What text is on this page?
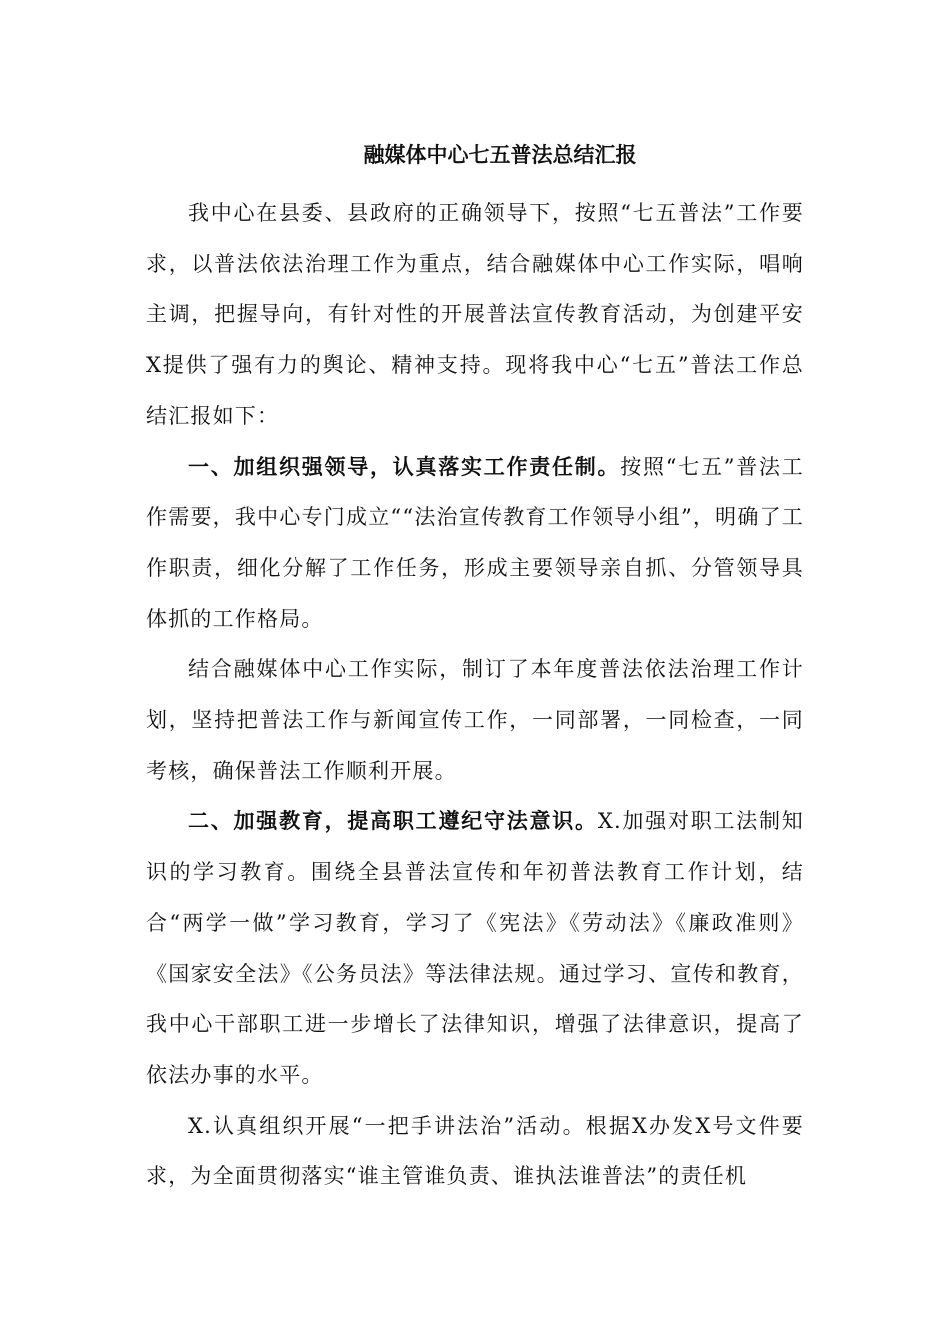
融媒体中心七五普法总结汇报

我中心在县委、县政府的正确领导下，按照“七五普法”工作要求，以普法依法治理工作为重点，结合融媒体中心工作实际，唱响主调，把握导向，有针对性的开展普法宣传教育活动，为创建平安X提供了强有力的舆论、精神支持。现将我中心“七五”普法工作总结汇报如下：

一、加组织强领导，认真落实工作责任制。按照“七五”普法工作需要，我中心专门成立““法治宣传教育工作领导小组”，明确了工作职责，细化分解了工作任务，形成主要领导亲自抓、分管领导具体抓的工作格局。

结合融媒体中心工作实际，制订了本年度普法依法治理工作计划，坚持把普法工作与新闻宣传工作，一同部署，一同检查，一同考核，确保普法工作顺利开展。

二、加强教育，提高职工遵纪守法意识。X.加强对职工法制知识的学习教育。围绕全县普法宣传和年初普法教育工作计划，结合“两学一做”学习教育，学习了《宪法》《劳动法》《廉政准则》《国家安全法》《公务员法》等法律法规。通过学习、宣传和教育，我中心干部职工进一步增长了法律知识，增强了法律意识，提高了依法办事的水平。

X.认真组织开展“一把手讲法治”活动。根据X办发X号文件要求，为全面贯彻落实“谁主管谁负责、谁执法谁普法”的责任机
